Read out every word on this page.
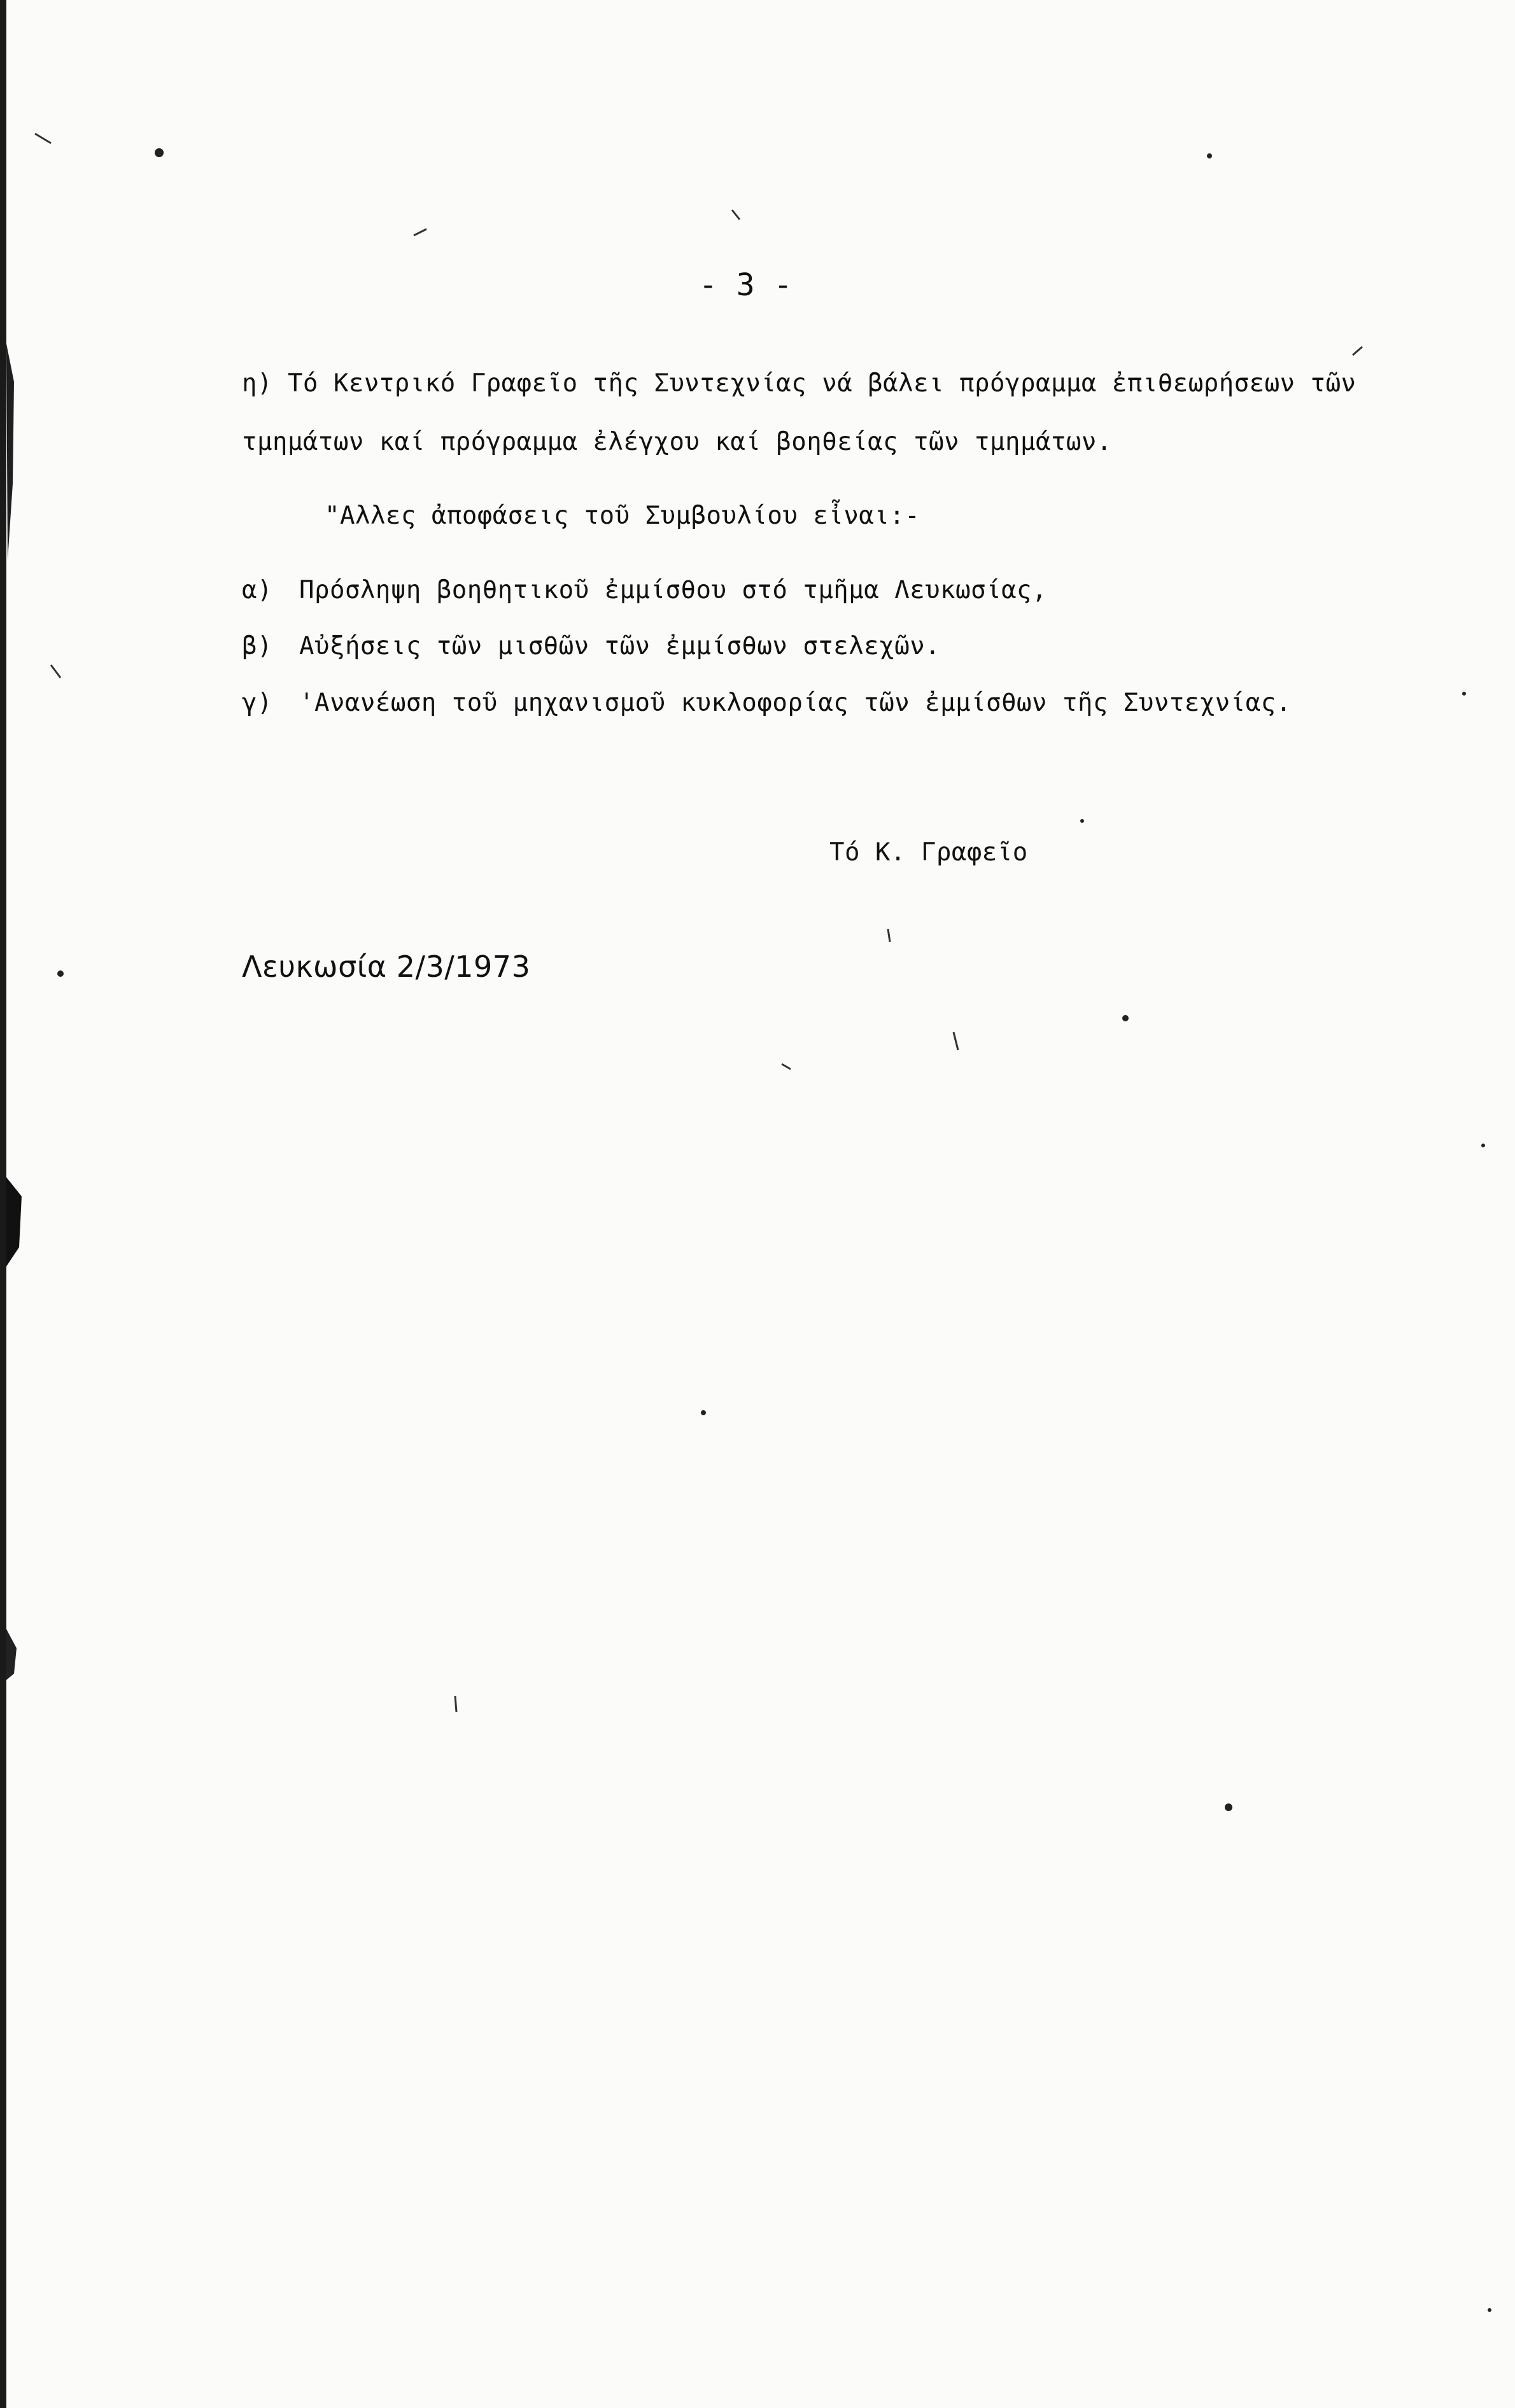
- 3 -
η) Τό Κεντρικό Γραφεῖο τῆς Συντεχνίας νά βάλει πρόγραμμα ἐπιθεωρήσεων τῶν
τμημάτων καί πρόγραμμα ἐλέγχου καί βοηθείας τῶν τμημάτων.
"Αλλες ἀποφάσεις τοῦ Συμβουλίου εἶναι:-
α) Πρόσληψη βοηθητικοῦ ἐμμίσθου στό τμῆμα Λευκωσίας,
β) Αὐξήσεις τῶν μισθῶν τῶν ἐμμίσθων στελεχῶν.
γ) 'Ανανέωση τοῦ μηχανισμοῦ κυκλοφορίας τῶν ἐμμίσθων τῆς Συντεχνίας.
Τό Κ. Γραφεῖο
Λευκωσία 2/3/1973
